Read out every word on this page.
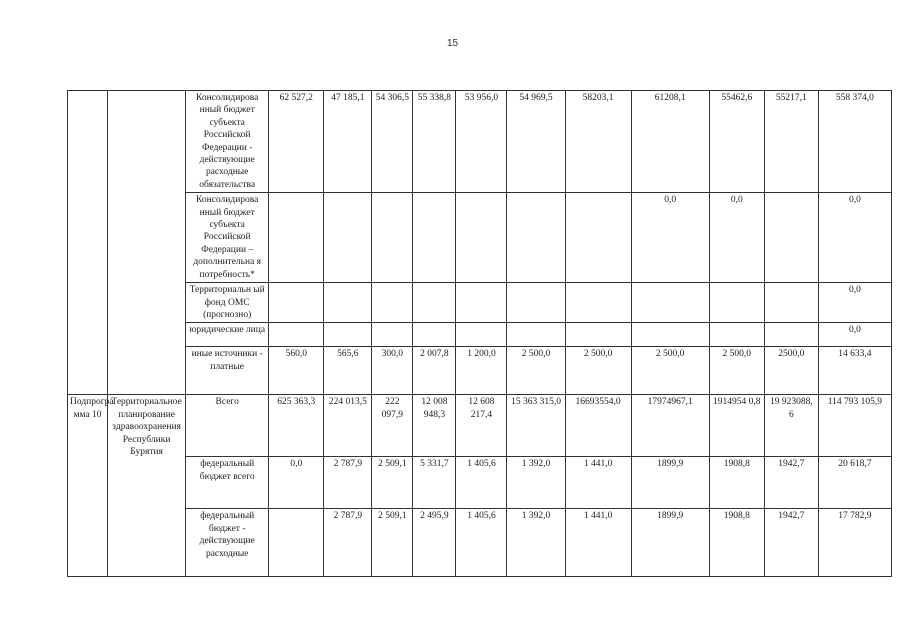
15
		Консолидирова нный бюджет субъекта Российской Федерации - действующие расходные обязательства	62 527,2	47 185,1	54 306,5	55 338,8	53 956,0	54 969,5	58203,1	61208,1	55462,6	55217,1	558 374,0
		Консолидирова нный бюджет субъекта Российской Федерации – дополнительна я потребность*								0,0	0,0		0,0
		Территориальн ый фонд ОМС (прогнозно)											0,0
		юридические лица											0,0
		иные источники - платные	560,0	565,6	300,0	2 007,8	1 200,0	2 500,0	2 500,0	2 500,0	2 500,0	2500,0	14 633,4
Подпрогра мма 10	Территориальное планирование здравоохранения Республики Бурятия	Всего	625 363,3	224 013,5	222 097,9	12 008 948,3	12 608 217,4	15 363 315,0	16693554,0	17974967,1	1914954 0,8	19 923088, 6	114 793 105,9
		федеральный бюджет всего	0,0	2 787,9	2 509,1	5 331,7	1 405,6	1 392,0	1 441,0	1899,9	1908,8	1942,7	20 618,7
		федеральный бюджет - действующие расходные		2 787,9	2 509,1	2 495,9	1 405,6	1 392,0	1 441,0	1899,9	1908,8	1942,7	17 782,9
